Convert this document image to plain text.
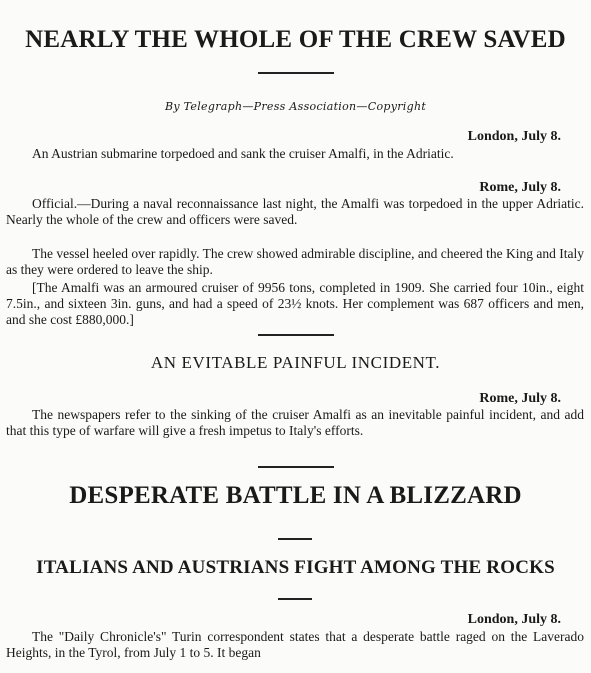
NEARLY THE WHOLE OF THE CREW SAVED
By Telegraph—Press Association—Copyright
London, July 8.
An Austrian submarine torpedoed and sank the cruiser Amalfi, in the Adriatic.
Rome, July 8.
Official.—During a naval reconnaissance last night, the Amalfi was torpedoed in the upper Adriatic. Nearly the whole of the crew and officers were saved.
The vessel heeled over rapidly. The crew showed admirable discipline, and cheered the King and Italy as they were ordered to leave the ship.
[The Amalfi was an armoured cruiser of 9956 tons, completed in 1909. She carried four 10in., eight 7.5in., and sixteen 3in. guns, and had a speed of 23½ knots. Her complement was 687 officers and men, and she cost £880,000.]
AN EVITABLE PAINFUL INCIDENT.
Rome, July 8.
The newspapers refer to the sinking of the cruiser Amalfi as an inevitable painful incident, and add that this type of warfare will give a fresh impetus to Italy's efforts.
DESPERATE BATTLE IN A BLIZZARD
ITALIANS AND AUSTRIANS FIGHT AMONG THE ROCKS
London, July 8.
The "Daily Chronicle's" Turin correspondent states that a desperate battle raged on the Laverado Heights, in the Tyrol, from July 1 to 5. It began
